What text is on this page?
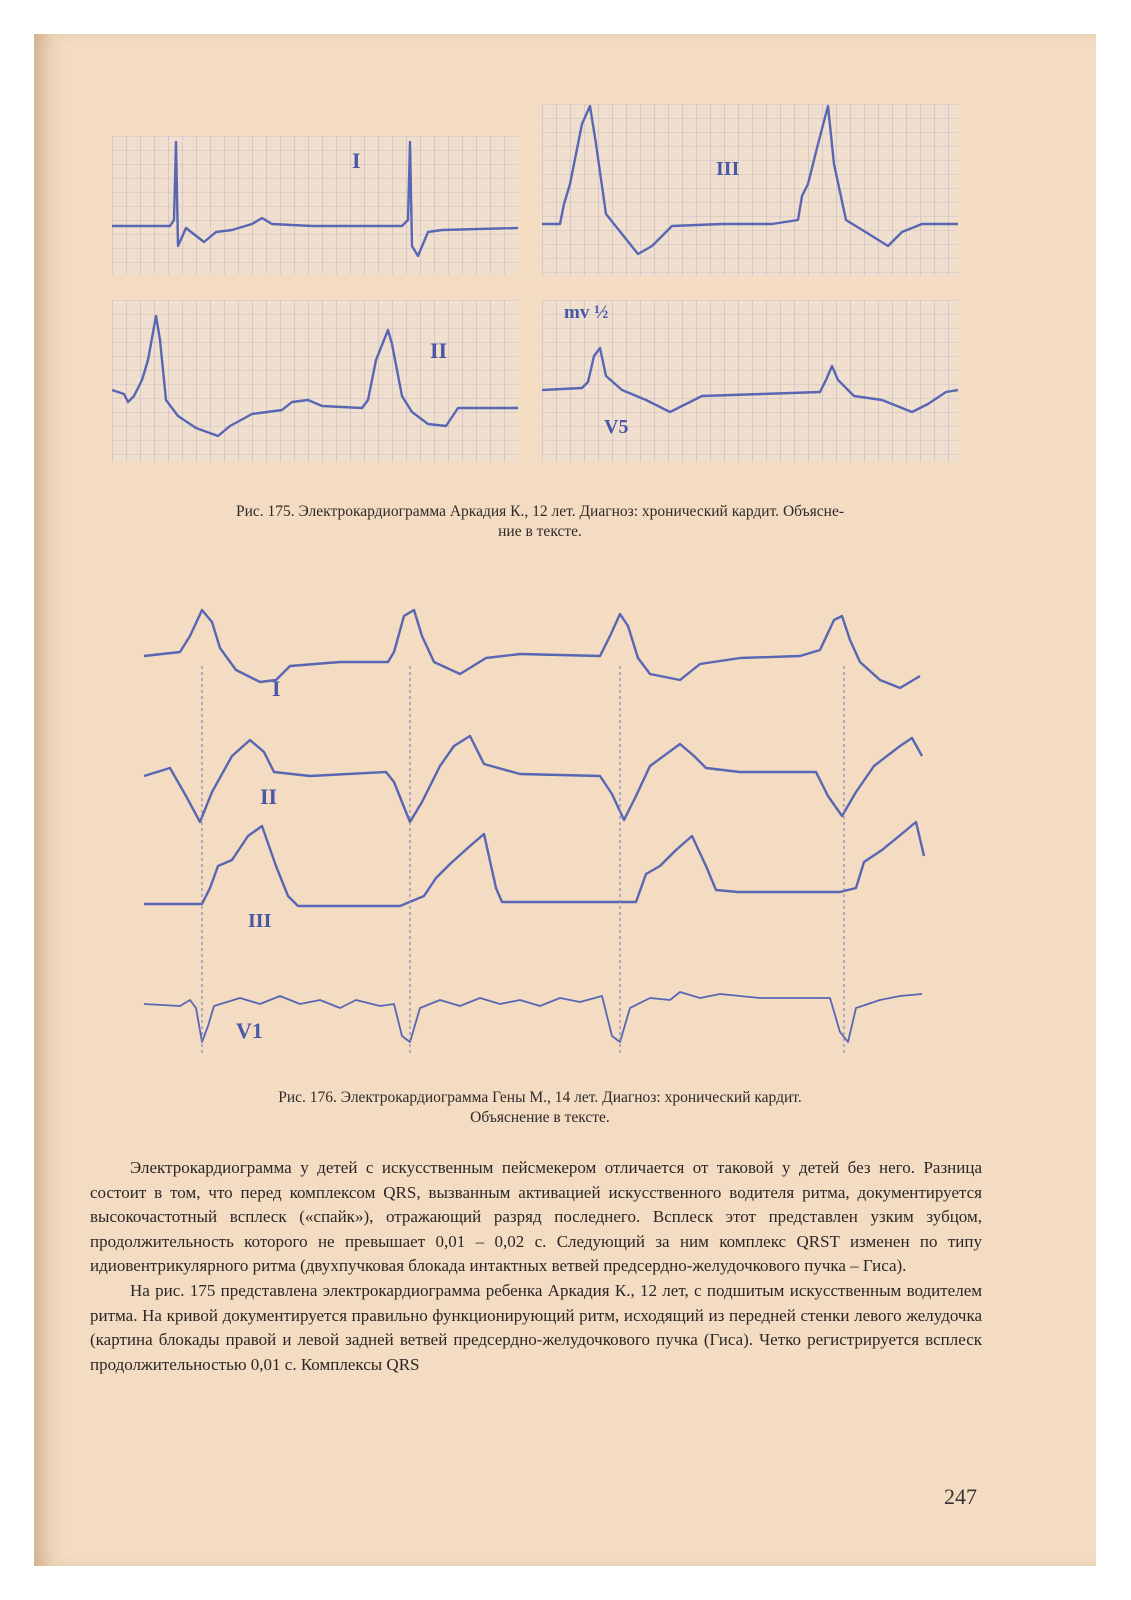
I	III
II
mv ½
V5
Рис. 175. Электрокардиограмма Аркадия К., 12 лет. Диагноз: хронический кардит. Объясне-
ние в тексте.
I
II
III
V1
Рис. 176. Электрокардиограмма Гены М., 14 лет. Диагноз: хронический кардит.
Объяснение в тексте.

Электрокардиограмма у детей с искусственным пейсмекером отличается от таковой у детей без него. Разница состоит в том, что перед комплексом QRS, вызванным активацией искусственного водителя ритма, документируется высокочастотный всплеск («спайк»), отражающий разряд последнего. Всплеск этот представлен узким зубцом, продолжительность которого не превышает 0,01 – 0,02 с. Следующий за ним комплекс QRST изменен по типу идиовентрикулярного ритма (двухпучковая блокада интактных ветвей предсердно-желудочкового пучка – Гиса).

На рис. 175 представлена электрокардиограмма ребенка Аркадия К., 12 лет, с подшитым искусственным водителем ритма. На кривой документируется правильно функционирующий ритм, исходящий из передней стенки левого желудочка (картина блокады правой и левой задней ветвей предсердно-желудочкового пучка (Гиса). Четко регистрируется всплеск продолжительностью 0,01 с. Комплексы QRS

247
